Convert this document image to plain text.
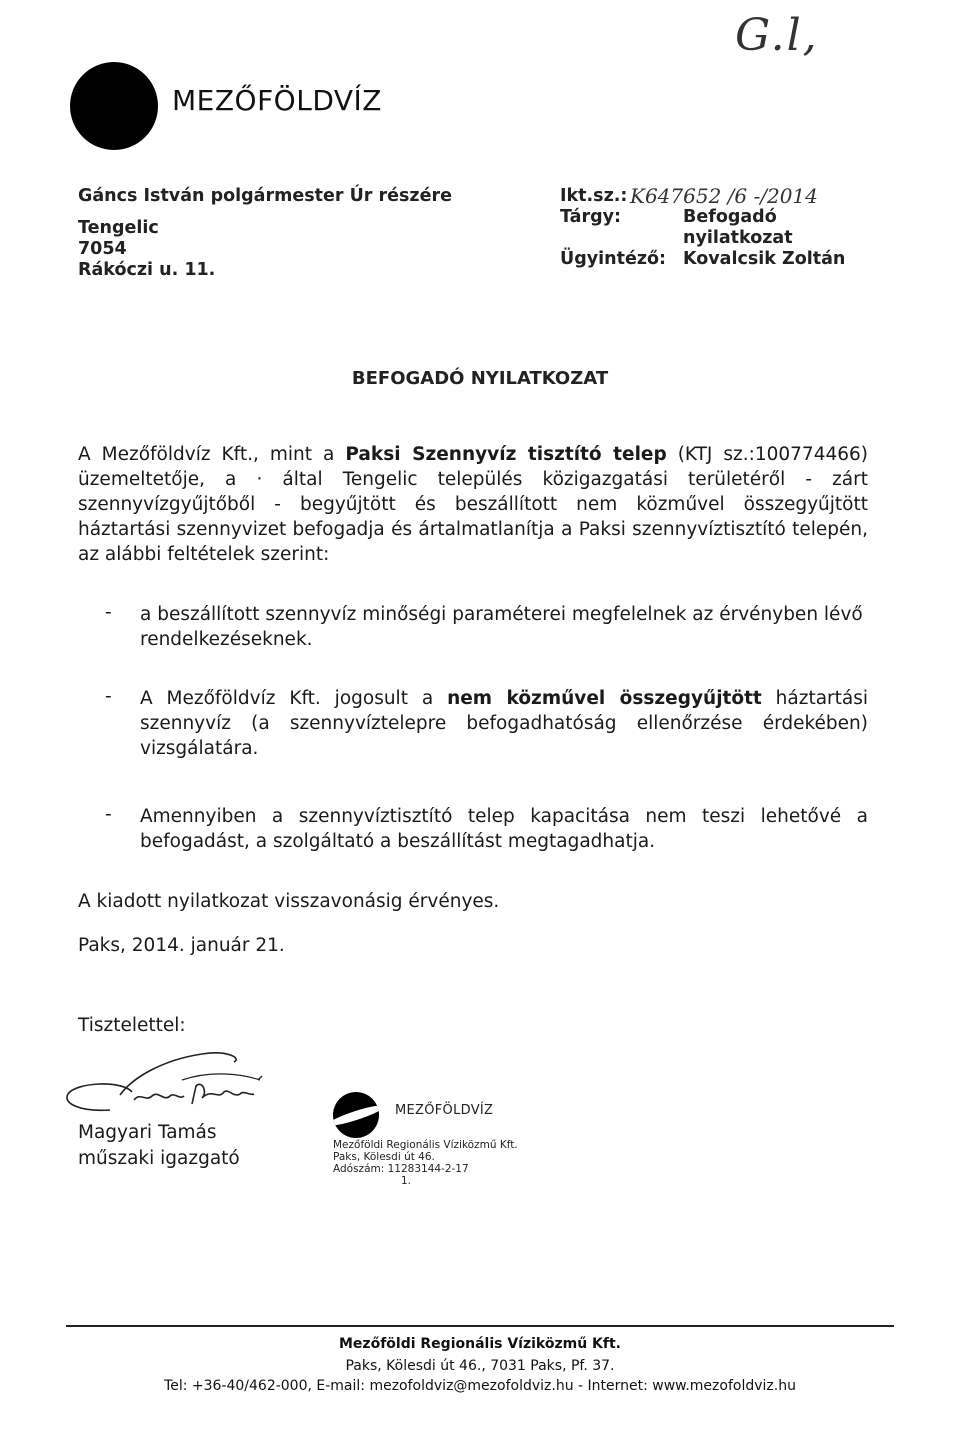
G.l,
MEZŐFÖLDVÍZ
Gáncs István polgármester Úr részére
Tengelic
7054
Rákóczi u. 11.
Ikt.sz.: K647652 /6 -/2014
Tárgy:	Befogadó
nyilatkozat
Ügyintéző: Kovalcsik Zoltán
BEFOGADÓ NYILATKOZAT
A Mezőföldvíz Kft., mint a Paksi Szennyvíz tisztító telep (KTJ sz.:100774466) üzemeltetője, a · által Tengelic település közigazgatási területéről - zárt szennyvízgyűjtőből - begyűjtött és beszállított nem közművel összegyűjtött háztartási szennyvizet befogadja és ártalmatlanítja a Paksi szennyvíztisztító telepén, az alábbi feltételek szerint:
- a beszállított szennyvíz minőségi paraméterei megfelelnek az érvényben lévő rendelkezéseknek.
- A Mezőföldvíz Kft. jogosult a nem közművel összegyűjtött háztartási szennyvíz (a szennyvíztelepre befogadhatóság ellenőrzése érdekében) vizsgálatára.
- Amennyiben a szennyvíztisztító telep kapacitása nem teszi lehetővé a befogadást, a szolgáltató a beszállítást megtagadhatja.
A kiadott nyilatkozat visszavonásig érvényes.
Paks, 2014. január 21.
Tisztelettel:
Magyari Tamás
műszaki igazgató
MEZŐFÖLDVÍZ
Mezőföldi Regionális Víziközmű Kft.
Paks, Kölesdi út 46.
Adószám: 11283144-2-17
1.
Mezőföldi Regionális Víziközmű Kft.
Paks, Kölesdi út 46., 7031 Paks, Pf. 37.
Tel: +36-40/462-000, E-mail: mezofoldviz@mezofoldviz.hu - Internet: www.mezofoldviz.hu
